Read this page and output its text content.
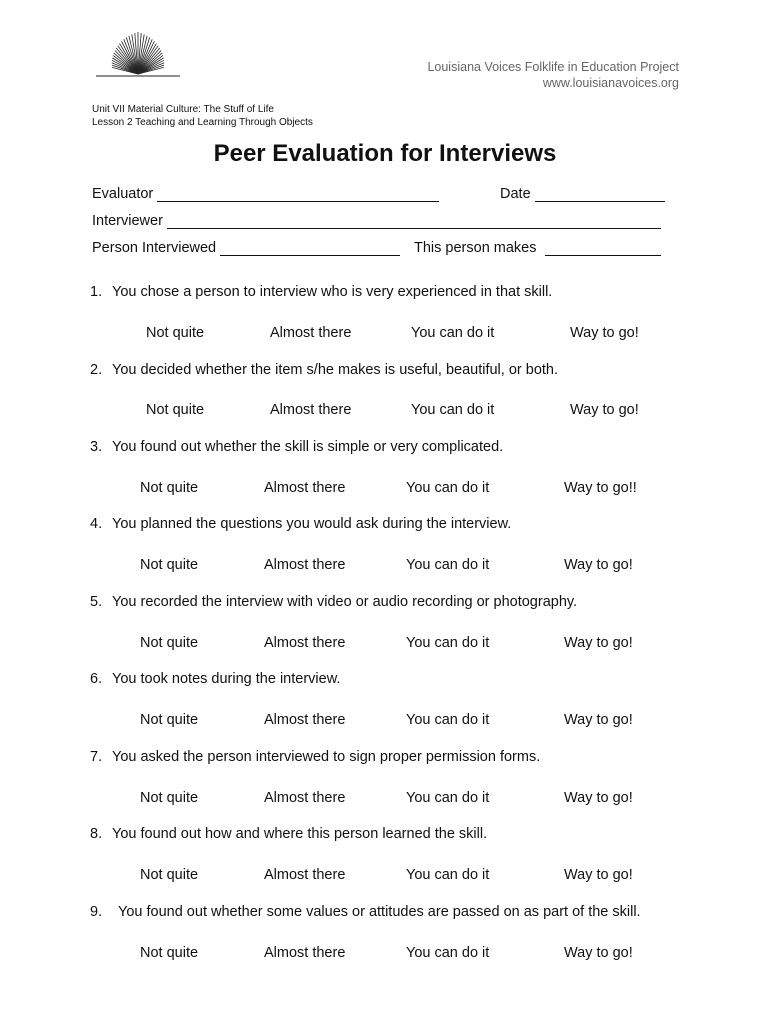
Louisiana Voices Folklife in Education Project
www.louisianavoices.org
Unit VII Material Culture: The Stuff of Life
Lesson 2 Teaching and Learning Through Objects
Peer Evaluation for Interviews
Evaluator	Date
Interviewer
Person Interviewed	This person makes
1. You chose a person to interview who is very experienced in that skill.
Not quite	Almost there	You can do it	Way to go!
2. You decided whether the item s/he makes is useful, beautiful, or both.
Not quite	Almost there	You can do it	Way to go!
3. You found out whether the skill is simple or very complicated.
Not quite	Almost there	You can do it	Way to go!!
4. You planned the questions you would ask during the interview.
Not quite	Almost there	You can do it	Way to go!
5. You recorded the interview with video or audio recording or photography.
Not quite	Almost there	You can do it	Way to go!
6. You took notes during the interview.
Not quite	Almost there	You can do it	Way to go!
7. You asked the person interviewed to sign proper permission forms.
Not quite	Almost there	You can do it	Way to go!
8. You found out how and where this person learned the skill.
Not quite	Almost there	You can do it	Way to go!
9. You found out whether some values or attitudes are passed on as part of the skill.
Not quite	Almost there	You can do it	Way to go!
